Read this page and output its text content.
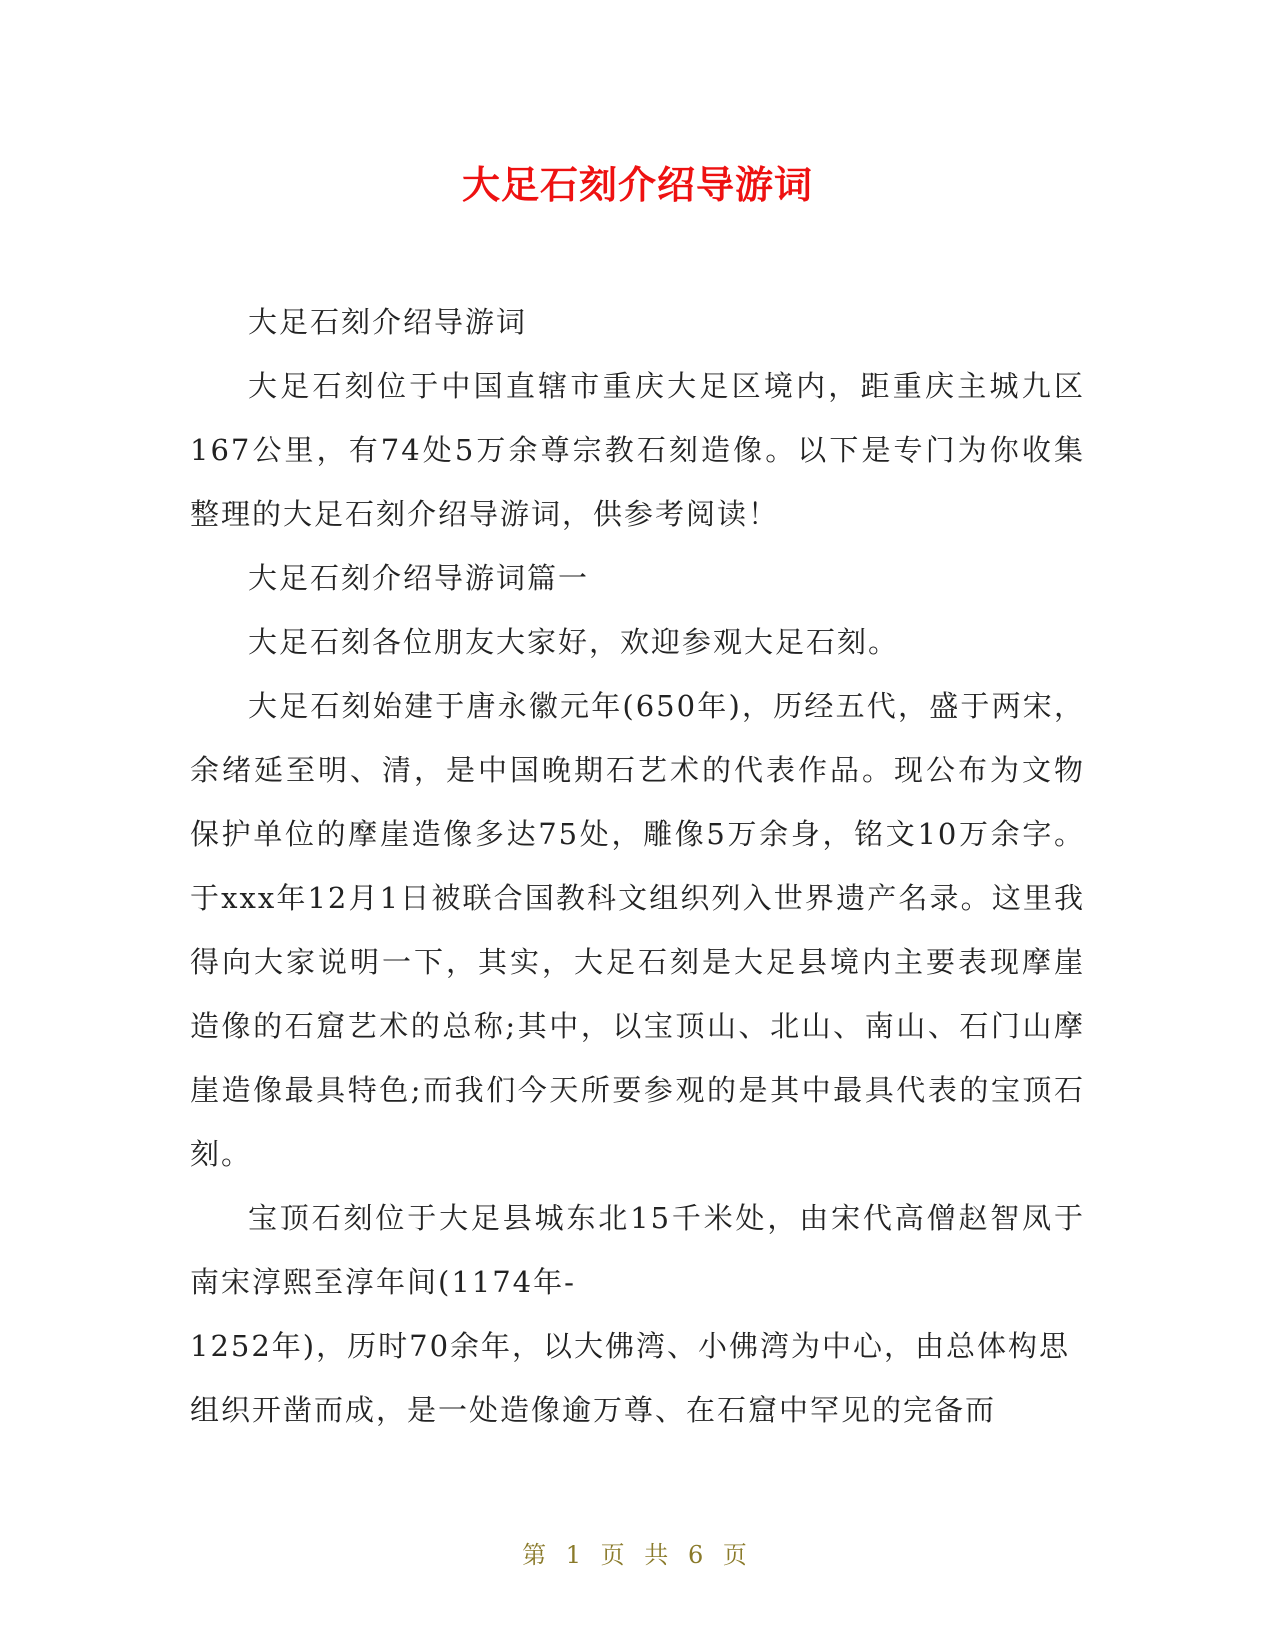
大足石刻介绍导游词

大足石刻介绍导游词

大足石刻位于中国直辖市重庆大足区境内，距重庆主城九区167公里，有74处5万余尊宗教石刻造像。以下是专门为你收集整理的大足石刻介绍导游词，供参考阅读！

大足石刻介绍导游词篇一

大足石刻各位朋友大家好，欢迎参观大足石刻。

大足石刻始建于唐永徽元年(650年)，历经五代，盛于两宋，余绪延至明、清，是中国晚期石艺术的代表作品。现公布为文物保护单位的摩崖造像多达75处，雕像5万余身，铭文10万余字。于xxx年12月1日被联合国教科文组织列入世界遗产名录。这里我得向大家说明一下，其实，大足石刻是大足县境内主要表现摩崖造像的石窟艺术的总称;其中，以宝顶山、北山、南山、石门山摩崖造像最具特色;而我们今天所要参观的是其中最具代表的宝顶石刻。

宝顶石刻位于大足县城东北15千米处，由宋代高僧赵智凤于南宋淳熙至淳年间(1174年-

1252年)，历时70余年，以大佛湾、小佛湾为中心，由总体构思组织开凿而成，是一处造像逾万尊、在石窟中罕见的完备而

第 1 页 共 6 页
